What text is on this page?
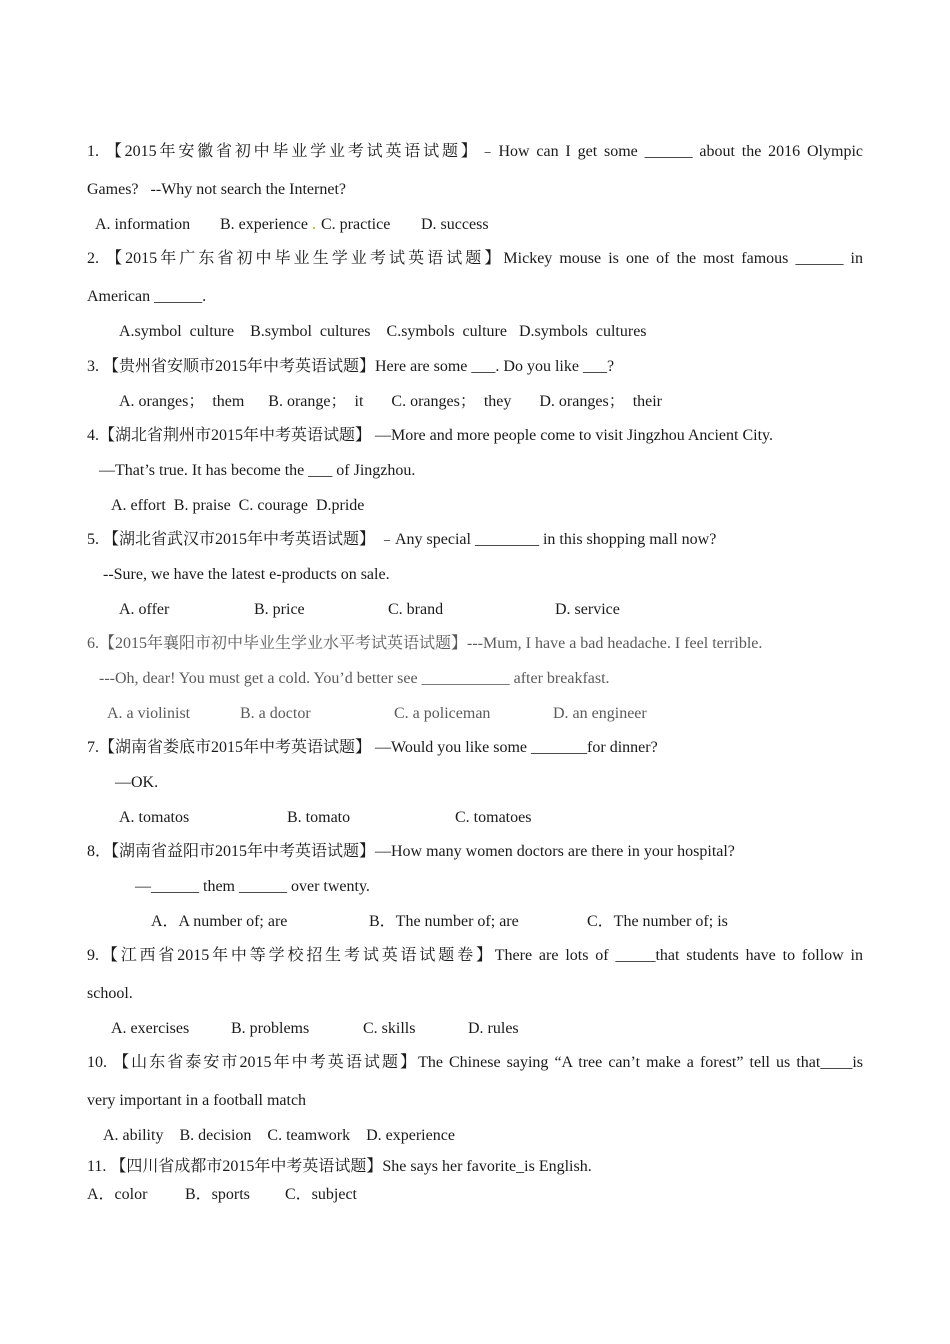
1. 【2015年安徽省初中毕业学业考试英语试题】﹣How can I get some ______ about the 2016 Olympic
Games?   --Why not search the Internet?
A. information B. experience . C. practice D. success
2. 【2015年广东省初中毕业生学业考试英语试题】Mickey mouse is one of the most famous ______ in
American ______.
A.symbol  culture    B.symbol  cultures    C.symbols  culture   D.symbols  cultures
3. 【贵州省安顺市2015年中考英语试题】Here are some ___. Do you like ___?
A. oranges；  them      B. orange；  it       C. oranges；  they       D. oranges；  their
4.【湖北省荆州市2015年中考英语试题】 —More and more people come to visit Jingzhou Ancient City.
—That’s true. It has become the ___ of Jingzhou.
A. effort  B. praise  C. courage  D.pride
5. 【湖北省武汉市2015年中考英语试题】 ﹣Any special ________ in this shopping mall now?
--Sure, we have the latest e-products on sale.
A. offer	B. price	C. brand	D. service
6.【2015年襄阳市初中毕业生学业水平考试英语试题】---Mum, I have a bad headache. I feel terrible.
---Oh, dear! You must get a cold. You’d better see ___________ after breakfast.
A. a violinist	B. a doctor	C. a policeman	D. an engineer
7.【湖南省娄底市2015年中考英语试题】 —Would you like some _______for dinner?
—OK.
A. tomatos	B. tomato	C. tomatoes
8．【湖南省益阳市2015年中考英语试题】—How many women doctors are there in your hospital?
—______ them ______ over twenty.
A．A number of; are	B．The number of; are	C．The number of; is
9.【江西省2015年中等学校招生考试英语试题卷】There are lots of _____that students have to follow in
school.
A. exercises	B. problems	C. skills	D. rules
10. 【山东省泰安市2015年中考英语试题】The Chinese saying “A tree can’t make a forest” tell us that____is
very important in a football match
A. ability    B. decision    C. teamwork    D. experience
11. 【四川省成都市2015年中考英语试题】She says her favorite_is English.
A．color B．sports C．subject
